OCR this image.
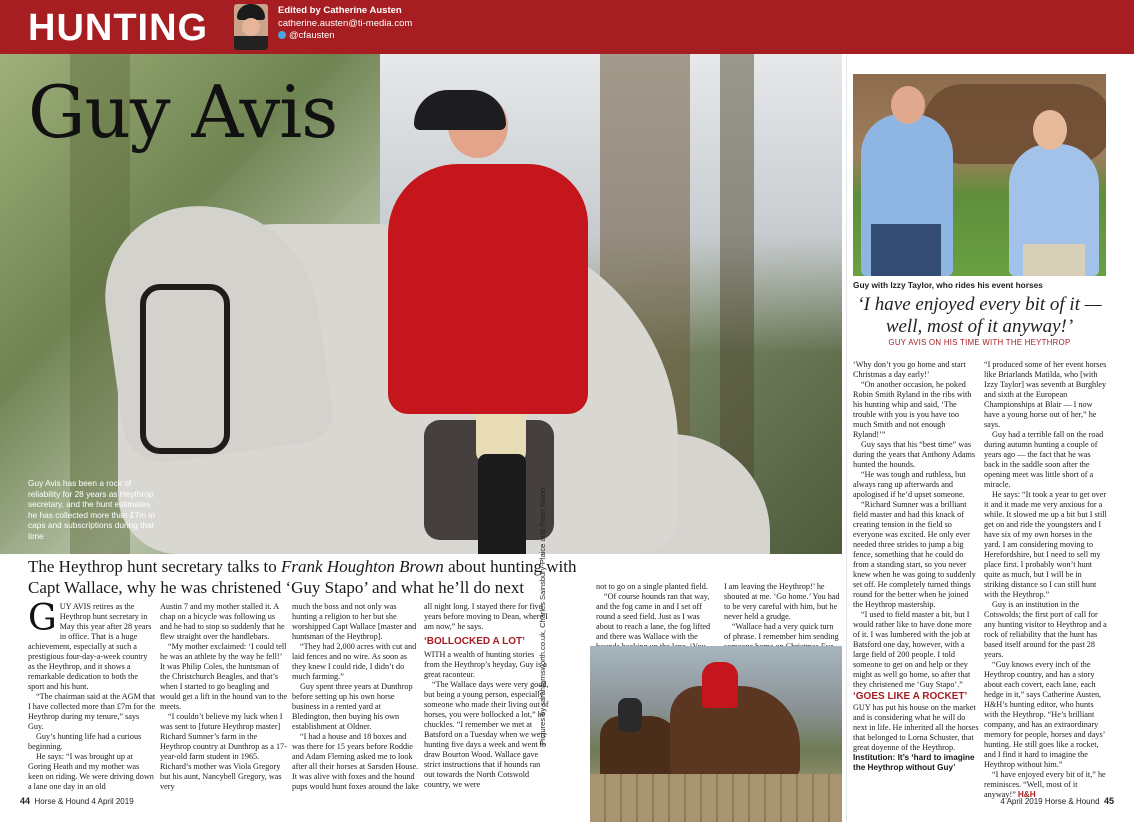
HUNTING	Edited by Catherine Austen
catherine.austen@ti-media.com
@cfausten
Guy Avis
Guy Avis has been a rock of reliability for 28 years as Heythrop secretary, and the hunt estimates he has collected more than £7m in caps and subscriptions during that time
Guy with Izzy Taylor, who rides his event horses
‘I have enjoyed every bit of it — well, most of it anyway!’
GUY AVIS ON HIS TIME WITH THE HEYTHROP

‘Why don’t you go home and start Christmas a day early!’

“On another occasion, he poked Robin Smith Ryland in the ribs with his hunting whip and said, ‘The trouble with you is you have too much Smith and not enough Ryland!’”

Guy says that his “best time” was during the years that Anthony Adams hunted the hounds.

“He was tough and ruthless, but always rang up afterwards and apologised if he’d upset someone.

“Richard Sumner was a brilliant field master and had this knack of creating tension in the field so everyone was excited. He only ever needed three strides to jump a big fence, something that he could do from a standing start, so you never knew when he was going to suddenly set off. He completely turned things round for the better when he joined the Heythrop mastership.

“I used to field master a bit, but I would rather like to have done more of it. I was lumbered with the job at Batsford one day, however, with a large field of 200 people. I told someone to get on and help or they might as well go home, so after that they christened me ‘Guy Stapo’.”

‘GOES LIKE A ROCKET’

GUY has put his house on the market and is considering what he will do next in life. He inherited all the horses that belonged to Lorna Schuster, that great doyenne of the Heythrop.

Institution: It’s ‘hard to imagine the Heythrop without Guy’

“I produced some of her event horses like Briarlands Matilda, who [with Izzy Taylor] was seventh at Burghley and sixth at the European Championships at Blair — I now have a young horse out of her,” he says.

Guy had a terrible fall on the road during autumn hunting a couple of years ago — the fact that he was back in the saddle soon after the opening meet was little short of a miracle.

He says: “It took a year to get over it and it made me very anxious for a while. It slowed me up a bit but I still get on and ride the youngsters and I have six of my own horses in the yard. I am considering moving to Herefordshire, but I need to sell my place first. I probably won’t hunt quite as much, but I will be in striking distance so I can still hunt with the Heythrop.”

Guy is an institution in the Cotswolds; the first port of call for any hunting visitor to Heythrop and a rock of reliability that the hunt has based itself around for the past 28 years.

“Guy knows every inch of the Heythrop country, and has a story about each covert, each lane, each hedge in it,” says Catherine Austen, H&H’s hunting editor, who hunts with the Heythrop. “He’s brilliant company, and has an extraordinary memory for people, horses and days’ hunting. He still goes like a rocket, and I find it hard to imagine the Heythrop without him.”

“I have enjoyed every bit of it,” he reminisces. “Well, most of it anyway!” H&H

not to go on a single planted field.

“Of course hounds ran that way, and the fog came in and I set off round a seed field. Just as I was about to reach a lane, the fog lifted and there was Wallace with the

I am leaving the Heythrop!’ he shouted at me. ‘Go home.’ You had to be very careful with him, but he never held a grudge.

“Wallace had a very quick turn of phrase. I remember him sending

Pictures by sarahfarnsworth.co.uk, Charles Sainsbury-Plaice and Peter Nixon
The Heythrop hunt secretary talks to Frank Houghton Brown about hunting with Capt Wallace, why he was christened ‘Guy Stapo’ and what he’ll do next

GUY AVIS retires as the Heythrop hunt secretary in May this year after 28 years in office. That is a huge achievement, especially at such a prestigious four-day-a-week country as the Heythrop, and it shows a remarkable dedication to both the sport and his hunt.

“The chairman said at the AGM that I have collected more than £7m for the Heythrop during my tenure,” says Guy.

Guy’s hunting life had a curious beginning.

He says: “I was brought up at Goring Heath and my mother was keen on riding. We were driving down a lane one day in an old

Austin 7 and my mother stalled it. A chap on a bicycle was following us and he had to stop so suddenly that he flew straight over the handlebars.

“My mother exclaimed: ‘I could tell he was an athlete by the way he fell!’ It was Philip Coles, the huntsman of the Christchurch Beagles, and that’s when I started to go beagling and would get a lift in the hound van to the meets.

“I couldn’t believe my luck when I was sent to [future Heythrop master] Richard Sumner’s farm in the Heythrop country at Dunthrop as a 17-year-old farm student in 1965. Richard’s mother was Viola Gregory but his aunt, Nancybell Gregory, was very

much the boss and not only was hunting a religion to her but she worshipped Capt Wallace [master and huntsman of the Heythrop].

“They had 2,000 acres with cut and laid fences and no wire. As soon as they knew I could ride, I didn’t do much farming.”

Guy spent three years at Dunthrop before setting up his own horse business in a rented yard at Bledington, then buying his own establishment at Oldner.

“I had a house and 18 boxes and was there for 15 years before Roddie and Adam Fleming asked me to look after all their horses at Sarsden House. It was alive with foxes and the hound pups would hunt foxes around the lake

all night long. I stayed there for five years before moving to Dean, where I am now,” he says.

‘BOLLOCKED A LOT’

WITH a wealth of hunting stories from the Heythrop’s heyday, Guy is a great raconteur.

“The Wallace days were very good, but being a young person, especially someone who made their living out of horses, you were bollocked a lot,” he chuckles. “I remember we met at Batsford on a Tuesday when we were hunting five days a week and went to draw Bourton Wood. Wallace gave strict instructions that if hounds ran out towards the North Cotswold country, we were

44 Horse & Hound 4 April 2019	4 April 2019 Horse & Hound 45
